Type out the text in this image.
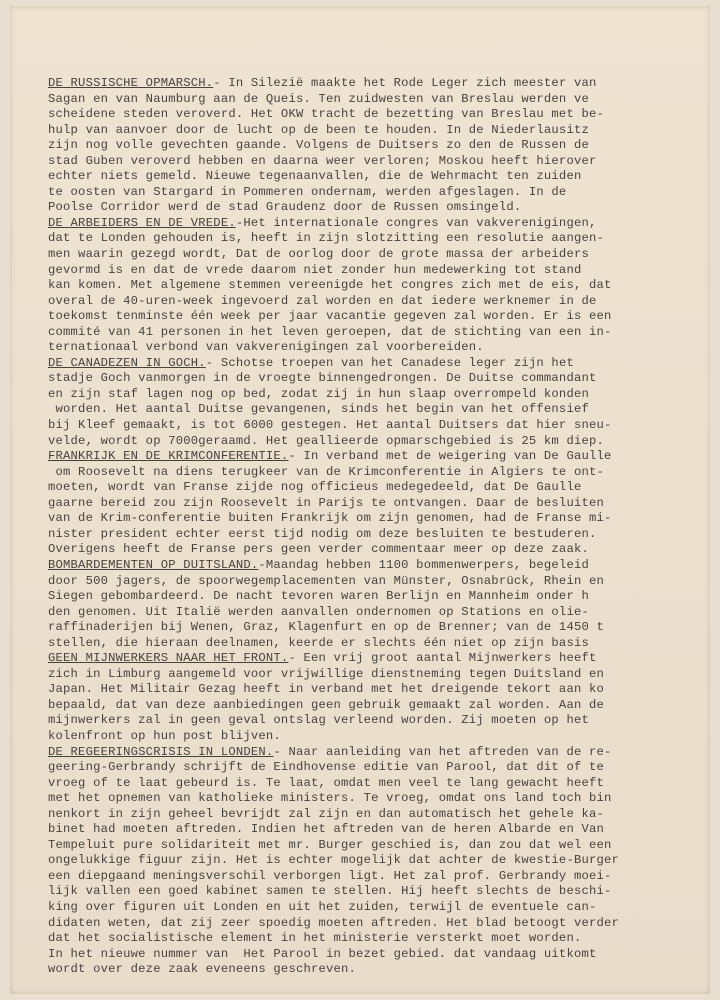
DE RUSSISCHE OPMARSCH.- In Silezië maakte het Rode Leger zich meester van
Sagan en van Naumburg aan de Queis. Ten zuidwesten van Breslau werden ve
scheidene steden veroverd. Het OKW tracht de bezetting van Breslau met be-
hulp van aanvoer door de lucht op de been te houden. In de Niederlausitz
zijn nog volle gevechten gaande. Volgens de Duitsers zo den de Russen de
stad Guben veroverd hebben en daarna weer verloren; Moskou heeft hierover
echter niets gemeld. Nieuwe tegenaanvallen, die de Wehrmacht ten zuiden
te oosten van Stargard in Pommeren ondernam, werden afgeslagen. In de
Poolse Corridor werd de stad Graudenz door de Russen omsingeld.
DE ARBEIDERS EN DE VREDE.-Het internationale congres van vakverenigingen,
dat te Londen gehouden is, heeft in zijn slotzitting een resolutie aangen-
men waarin gezegd wordt, Dat de oorlog door de grote massa der arbeiders
gevormd is en dat de vrede daarom niet zonder hun medewerking tot stand
kan komen. Met algemene stemmen vereenigde het congres zich met de eis, dat
overal de 40-uren-week ingevoerd zal worden en dat iedere werknemer in de
toekomst tenminste één week per jaar vacantie gegeven zal worden. Er is een
commité van 41 personen in het leven geroepen, dat de stichting van een in-
ternationaal verbond van vakverenigingen zal voorbereiden.
DE CANADEZEN IN GOCH.- Schotse troepen van het Canadese leger zijn het
stadje Goch vanmorgen in de vroegte binnengedrongen. De Duitse commandant
en zijn staf lagen nog op bed, zodat zij in hun slaap overrompeld konden
worden. Het aantal Duitse gevangenen, sinds het begin van het offensief
bij Kleef gemaakt, is tot 6000 gestegen. Het aantal Duitsers dat hier sneu-
velde, wordt op 7000geraamd. Het geallieerde opmarschgebied is 25 km diep.
FRANKRIJK EN DE KRIMCONFERENTIE.- In verband met de weigering van De Gaulle
om Roosevelt na diens terugkeer van de Krimconferentie in Algiers te ont-
moeten, wordt van Franse zijde nog officieus medegedeeld, dat De Gaulle
gaarne bereid zou zijn Roosevelt in Parijs te ontvangen. Daar de besluiten
van de Krim-conferentie buiten Frankrijk om zijn genomen, had de Franse mi-
nister president echter eerst tijd nodig om deze besluiten te bestuderen.
Overigens heeft de Franse pers geen verder commentaar meer op deze zaak.
BOMBARDEMENTEN OP DUITSLAND.-Maandag hebben 1100 bommenwerpers, begeleid
door 500 jagers, de spoorwegemplacementen van Münster, Osnabrück, Rhein en
Siegen gebombardeerd. De nacht tevoren waren Berlijn en Mannheim onder h
den genomen. Uit Italië werden aanvallen ondernomen op Stations en olie-
raffinaderijen bij Wenen, Graz, Klagenfurt en op de Brenner; van de 1450 t
stellen, die hieraan deelnamen, keerde er slechts één niet op zijn basis
GEEN MIJNWERKERS NAAR HET FRONT.- Een vrij groot aantal Mijnwerkers heeft
zich in Limburg aangemeld voor vrijwillige dienstneming tegen Duitsland en
Japan. Het Militair Gezag heeft in verband met het dreigende tekort aan ko
bepaald, dat van deze aanbiedingen geen gebruik gemaakt zal worden. Aan de
mijnwerkers zal in geen geval ontslag verleend worden. Zij moeten op het
kolenfront op hun post blijven.
DE REGEERINGSCRISIS IN LONDEN.- Naar aanleiding van het aftreden van de re-
geering-Gerbrandy schrijft de Eindhovense editie van Parool, dat dit of te
vroeg of te laat gebeurd is. Te laat, omdat men veel te lang gewacht heeft
met het opnemen van katholieke ministers. Te vroeg, omdat ons land toch bin
nenkort in zijn geheel bevrijdt zal zijn en dan automatisch het gehele ka-
binet had moeten aftreden. Indien het aftreden van de heren Albarde en Van
Tempeluit pure solidariteit met mr. Burger geschied is, dan zou dat wel een
ongelukkige figuur zijn. Het is echter mogelijk dat achter de kwestie-Burger
een diepgaand meningsverschil verborgen ligt. Het zal prof. Gerbrandy moei-
lijk vallen een goed kabinet samen te stellen. Hij heeft slechts de beschi-
king over figuren uit Londen en uit het zuiden, terwijl de eventuele can-
didaten weten, dat zij zeer spoedig moeten aftreden. Het blad betoogt verder
dat het socialistische element in het ministerie versterkt moet worden.
In het nieuwe nummer van  Het Parool in bezet gebied. dat vandaag uitkomt
wordt over deze zaak eveneens geschreven.
